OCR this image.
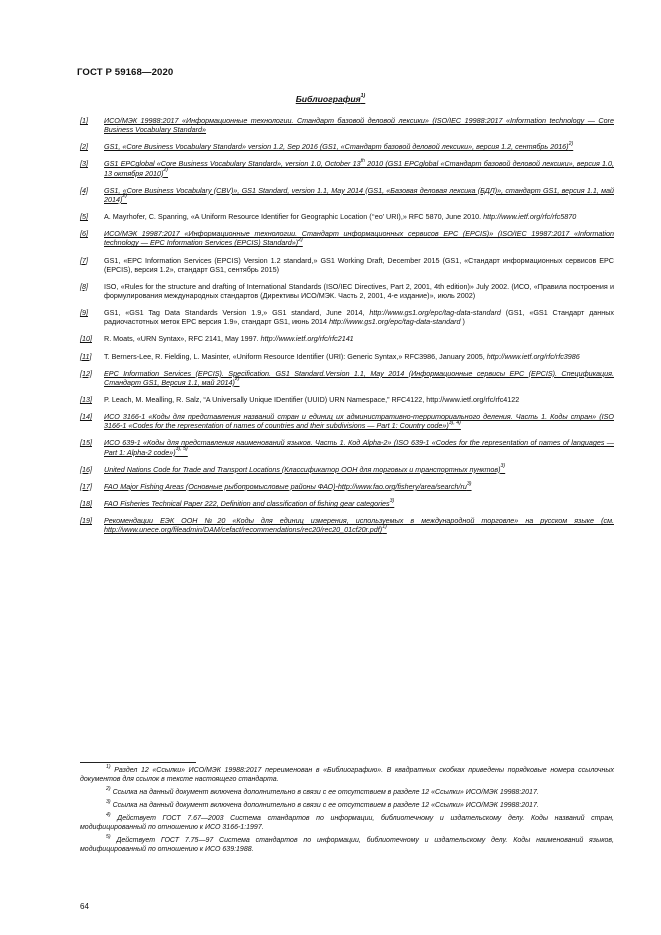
ГОСТ Р 59168—2020
Библиография$^{1)}$
[1]	ИСО/МЭК 19988:2017 «Информационные технологии. Стандарт базовой деловой лексики» (ISO/IEC 19988:2017 «Information technology — Core Business Vocabulary Standard»
[2]	GS1, «Core Business Vocabulary Standard» version 1.2, Sep 2016 (GS1, «Стандарт базовой деловой лексики», версия 1.2, сентябрь 2016)$^{2)}$
[3]	GS1 EPCglobal «Core Business Vocabulary Standard», version 1.0, October 13th 2010 (GS1 EPCglobal «Стандарт базовой деловой лексики», версия 1.0, 13 октября 2010)$^{2)}$
[4]	GS1, «Core Business Vocabulary (CBV)», GS1 Standard, version 1.1, May 2014 (GS1, «Базовая деловая лексика (БДЛ)», стандарт GS1, версия 1.1, май 2014)$^{2)}$
[5]	A. Mayrhofer, C. Spanring, «A Uniform Resource Identifier for Geographic Location (‘‘eo’ URI),» RFC 5870, June 2010. http://www.ietf.org/rfc/rfc5870
[6]	ИСО/МЭК 19987:2017 «Информационные технологии. Стандарт информационных сервисов EPC (EPCIS)» (ISO/IEC 19987:2017 «Information technology — EPC Information Services (EPCIS) Standard»)$^{2)}$
[7]	GS1, «EPC Information Services (EPCIS) Version 1.2 standard,» GS1 Working Draft, December 2015 (GS1, «Стандарт информационных сервисов EPC (EPCIS), версия 1.2», стандарт GS1, сентябрь 2015)
[8]	ISO, «Rules for the structure and drafting of International Standards (ISO/IEC Directives, Part 2, 2001, 4th edition)» July 2002. (ИСО, «Правила построения и формулирования международных стандартов (Директивы ИСО/МЭК. Часть 2, 2001, 4-е издание)», июль 2002)
[9]	GS1, «GS1 Tag Data Standards Version 1.9,» GS1 standard, June 2014, http://www.gs1.org/epc/tag-data-standard (GS1, «GS1 Стандарт данных радиочастотных меток EPC версия 1.9», стандарт GS1, июнь 2014 http://www.gs1.org/epc/tag-data-standard )
[10]	R. Moats, «URN Syntax», RFC 2141, May 1997. http://www.ietf.org/rfc/rfc2141
[11]	T. Berners-Lee, R. Fielding, L. Masinter, «Uniform Resource Identifier (URI): Generic Syntax,» RFC3986, January 2005, http://www.ietf.org/rfc/rfc3986
[12]	EPC Information Services (EPCIS). Specification. GS1 Standard.Version 1.1, May 2014 (Информационные сервисы EPC (EPCIS). Спецификация. Стандарт GS1, Версия 1.1, май 2014)$^{2)}$
[13]	P. Leach, M. Mealling, R. Salz, “A Universally Unique IDentifier (UUID) URN Namespace,” RFC4122, http://www.ietf.org/rfc/rfc4122
[14]	ИСО 3166-1 «Коды для представления названий стран и единиц их административно-территориального деления. Часть 1. Коды стран» (ISO 3166-1 «Codes for the representation of names of countries and their subdivisions — Part 1: Country code»)$^{3), 4)}$
[15]	ИСО 639-1 «Коды для представления наименований языков. Часть 1. Код Alpha-2» (ISO 639-1 «Codes for the representation of names of languages — Part 1: Alpha-2 code»)$^{3), 5)}$
[16]	United Nations Code for Trade and Transport Locations (Классификатор ООН для торговых и транспортных пунктов)$^{3)}$
[17]	FAO Major Fishing Areas (Основные рыбопромысловые районы $ФАО)-http://www.fao.org/fishery/area/search/ru^{3)}$
[18]	FAO Fisheries Technical Paper 222, Definition and classification of fishing gear categories$^{3)}$
[19]	Рекомендации ЕЭК ООН №20 «Коды для единиц измерения, используемых в международной торговле» на русском языке (см. http://www.unece.org/fileadmin/DAM/cefact/recommendations/rec20/rec20_01cf20r.pdf)$^{1)}$
$^{1)}$ Раздел 12 «Ссылки» ИСО/МЭК 19988:2017 переименован в «Библиографию». В квадратных скобках приведены порядковые номера ссылочных документов для ссылок в тексте настоящего стандарта.
$^{2)}$ Ссылка на данный документ включена дополнительно в связи с ее отсутствием в разделе 12 «Ссылки» ИСО/МЭК 19988:2017.
$^{3)}$ Ссылка на данный документ включена дополнительно в связи с ее отсутствием в разделе 12 «Ссылки» ИСО/МЭК 19988:2017.
$^{4)}$ Действует ГОСТ 7.67—2003 Система стандартов по информации, библиотечному и издательскому делу. Коды названий стран, модифицированный по отношению к ИСО 3166-1:1997.
$^{5)}$ Действует ГОСТ 7.75—97 Система стандартов по информации, библиотечному и издательскому делу. Коды наименований языков, модифицированный по отношению к ИСО 639:1988.
64
